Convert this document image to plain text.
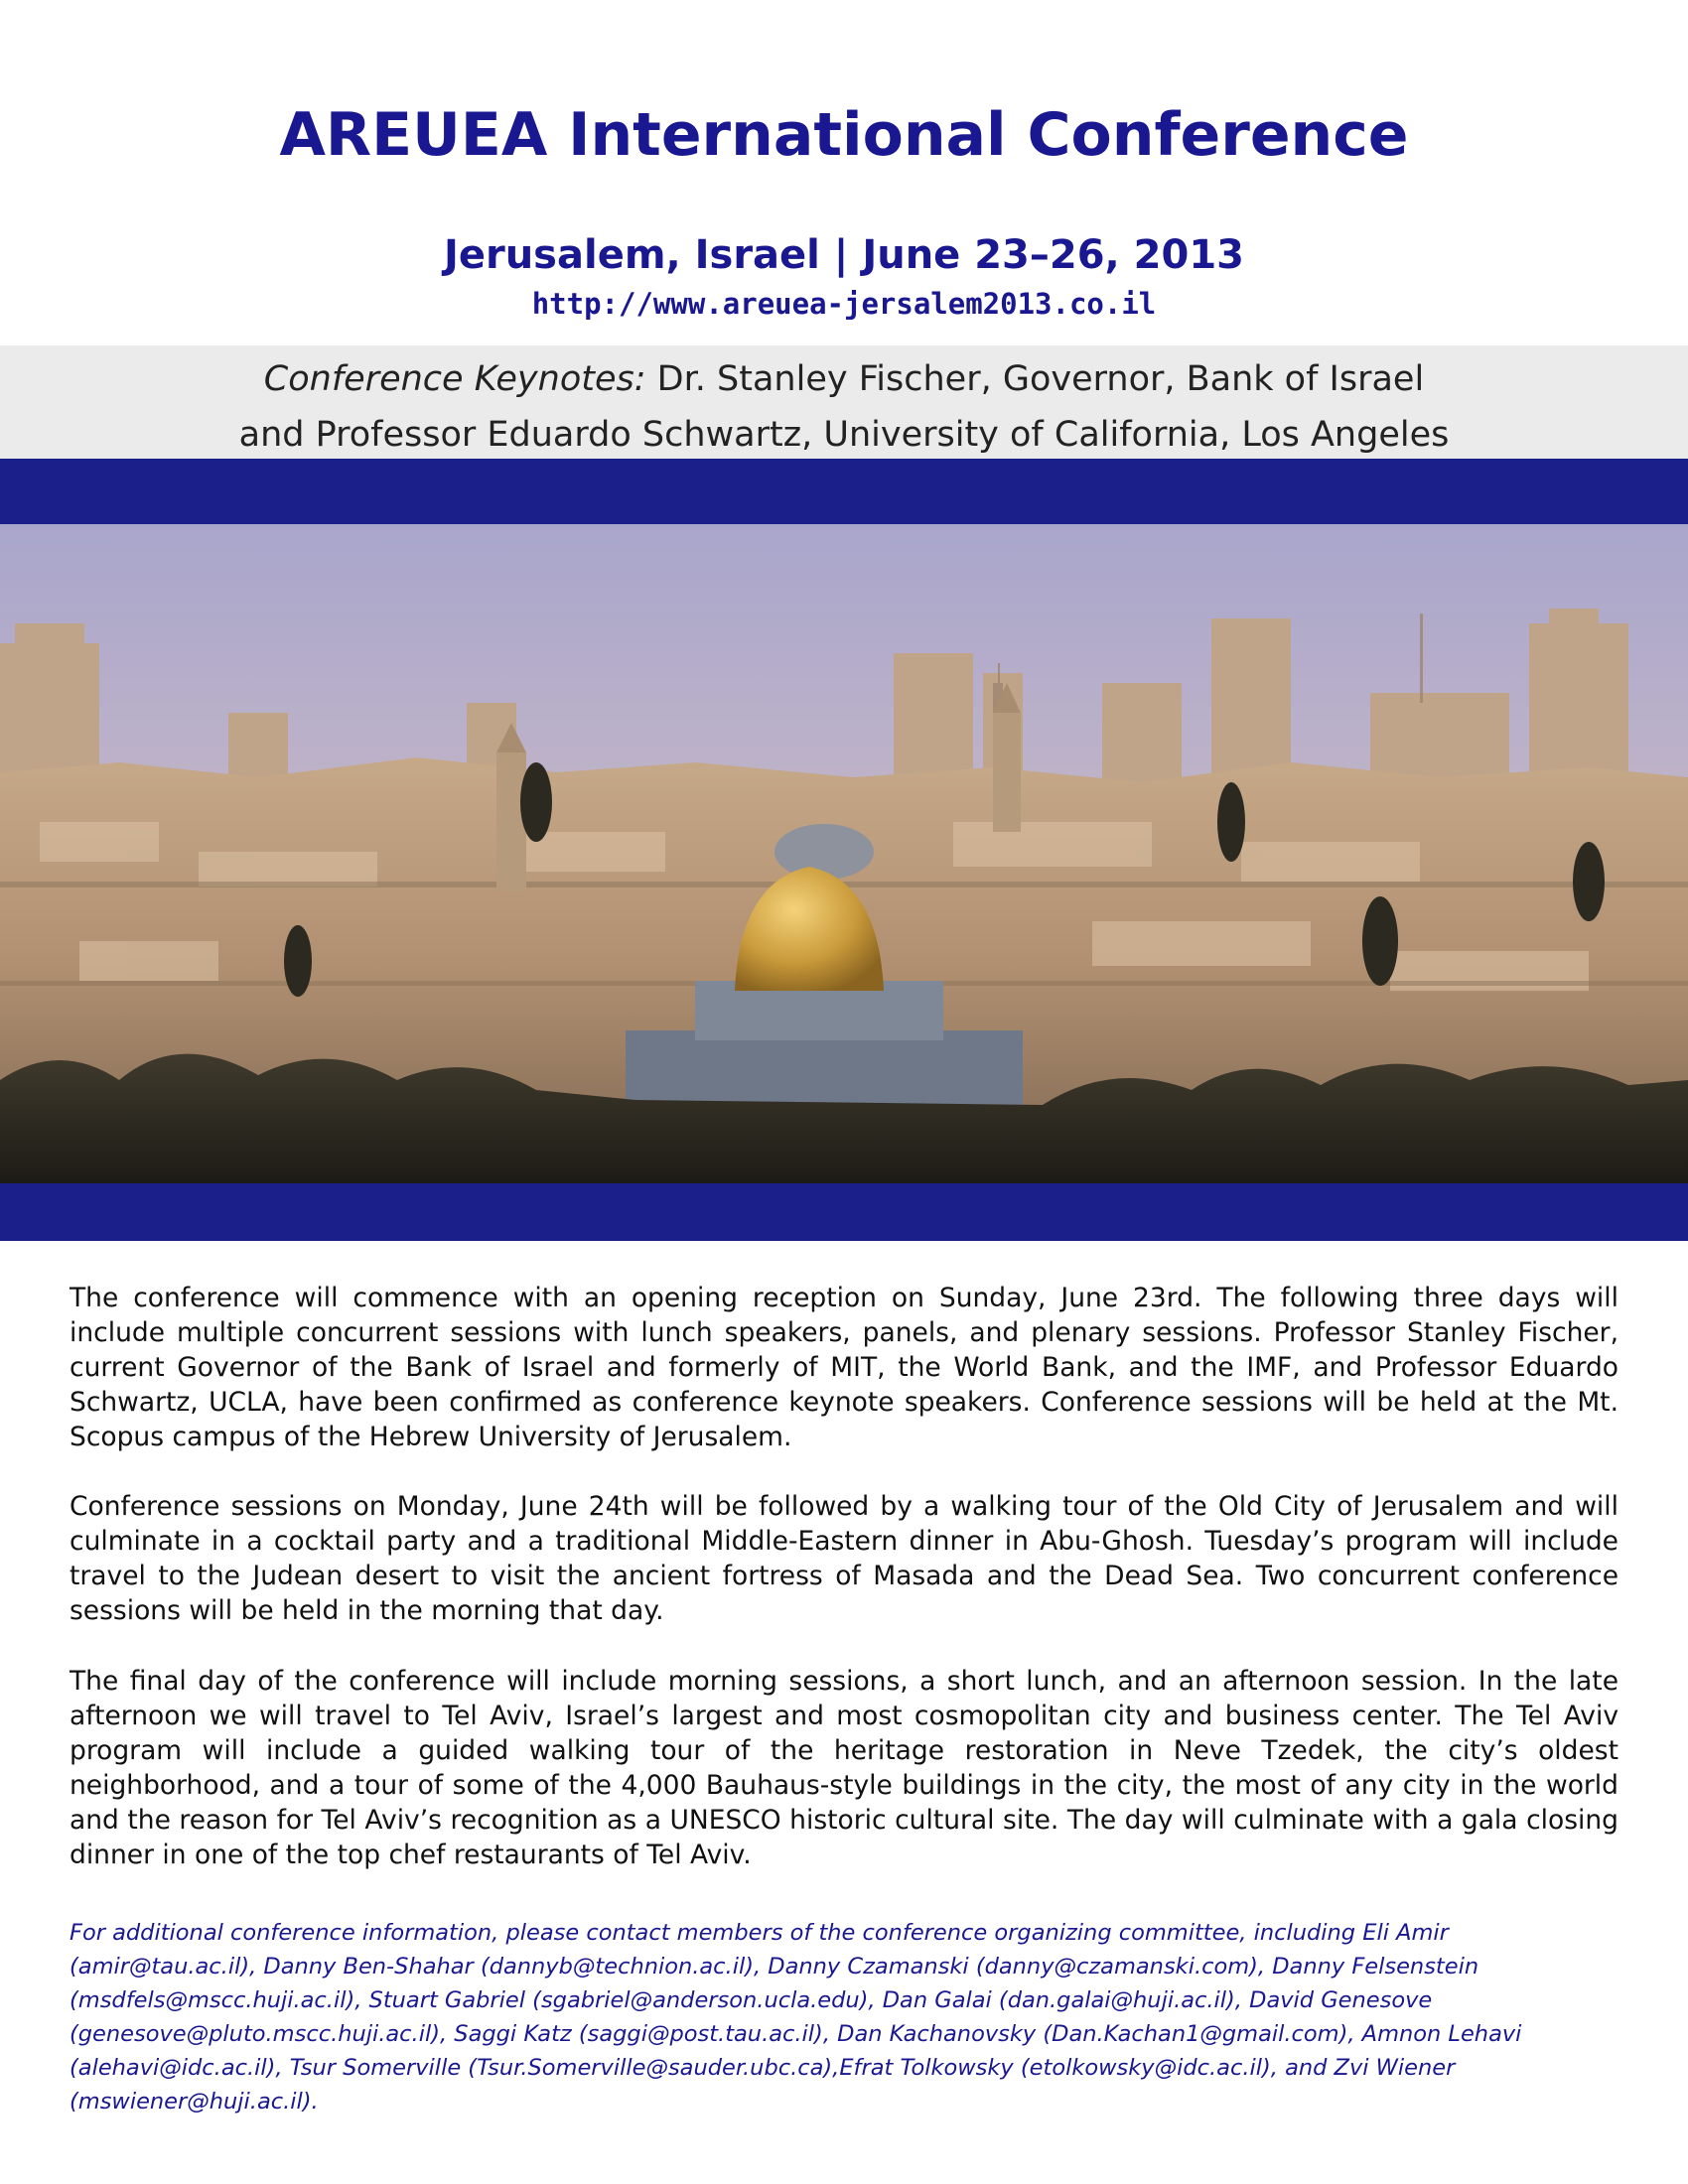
AREUEA International Conference
Jerusalem, Israel | June 23–26, 2013
http://www.areuea-jersalem2013.co.il
Conference Keynotes: Dr. Stanley Fischer, Governor, Bank of Israel
and Professor Eduardo Schwartz, University of California, Los Angeles

The conference will commence with an opening reception on Sunday, June 23rd. The following three days will include multiple concurrent sessions with lunch speakers, panels, and plenary sessions. Professor Stanley Fischer, current Governor of the Bank of Israel and formerly of MIT, the World Bank, and the IMF, and Professor Eduardo Schwartz, UCLA, have been confirmed as conference keynote speakers. Conference sessions will be held at the Mt. Scopus campus of the Hebrew University of Jerusalem.

Conference sessions on Monday, June 24th will be followed by a walking tour of the Old City of Jerusalem and will culminate in a cocktail party and a traditional Middle-Eastern dinner in Abu-Ghosh. Tuesday’s program will include travel to the Judean desert to visit the ancient fortress of Masada and the Dead Sea. Two concurrent conference sessions will be held in the morning that day.

The final day of the conference will include morning sessions, a short lunch, and an afternoon session. In the late afternoon we will travel to Tel Aviv, Israel’s largest and most cosmopolitan city and business center. The Tel Aviv program will include a guided walking tour of the heritage restoration in Neve Tzedek, the city’s oldest neighborhood, and a tour of some of the 4,000 Bauhaus-style buildings in the city, the most of any city in the world and the reason for Tel Aviv’s recognition as a UNESCO historic cultural site. The day will culminate with a gala closing dinner in one of the top chef restaurants of Tel Aviv.

For additional conference information, please contact members of the conference organizing committee, including Eli Amir (amir@tau.ac.il), Danny Ben-Shahar (dannyb@technion.ac.il), Danny Czamanski (danny@czamanski.com), Danny Felsenstein (msdfels@mscc.huji.ac.il), Stuart Gabriel (sgabriel@anderson.ucla.edu), Dan Galai (dan.galai@huji.ac.il), David Genesove (genesove@pluto.mscc.huji.ac.il), Saggi Katz (saggi@post.tau.ac.il), Dan Kachanovsky (Dan.Kachan1@gmail.com), Amnon Lehavi (alehavi@idc.ac.il), Tsur Somerville (Tsur.Somerville@sauder.ubc.ca),Efrat Tolkowsky (etolkowsky@idc.ac.il), and Zvi Wiener (mswiener@huji.ac.il).
